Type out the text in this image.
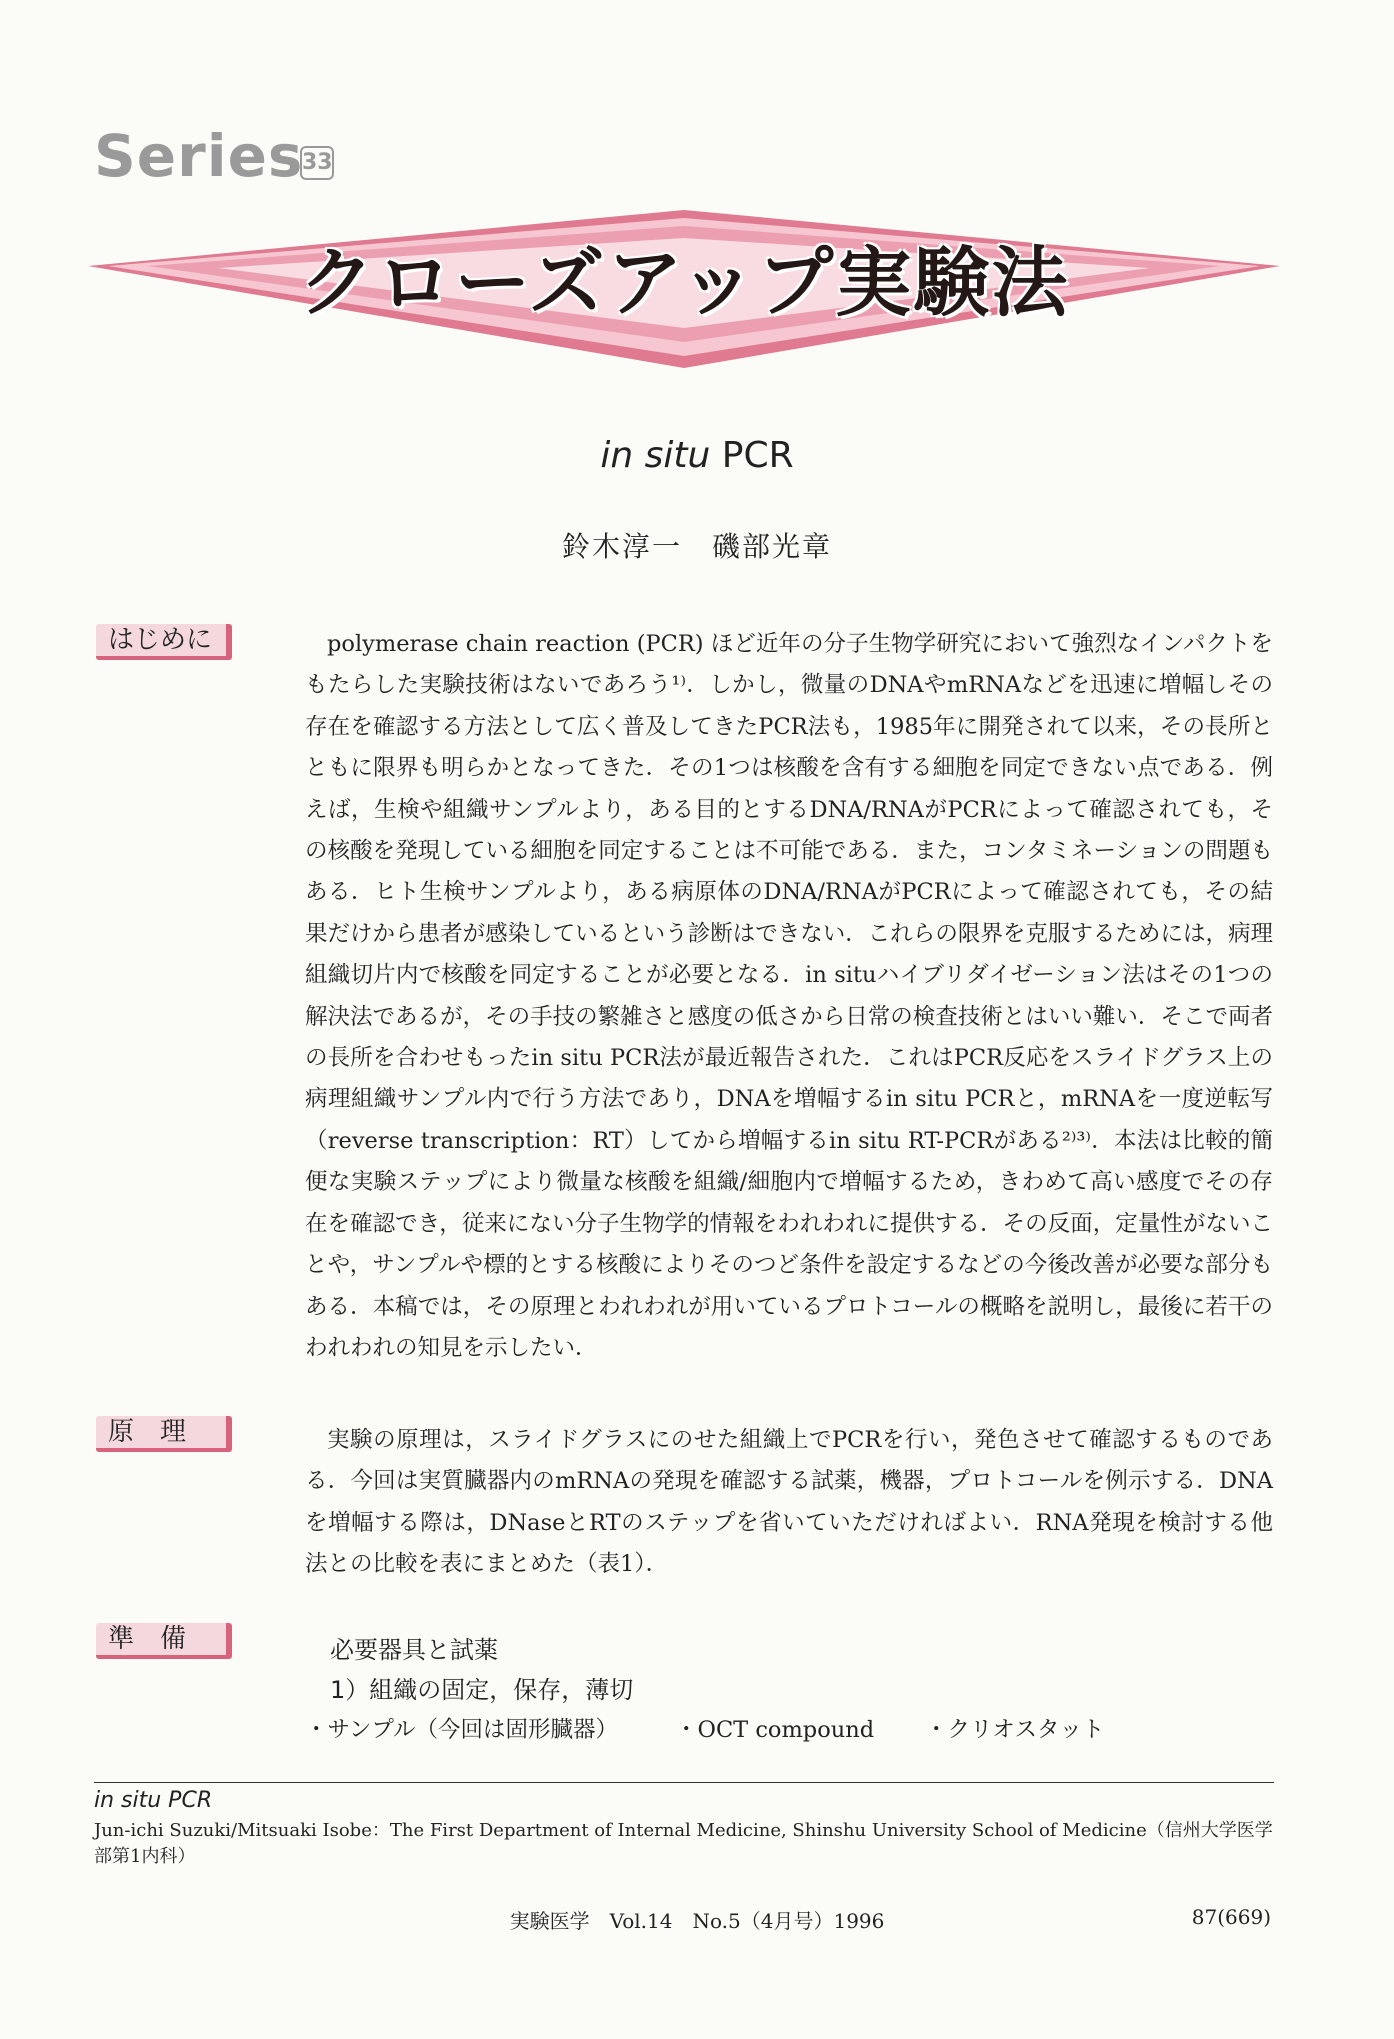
Series
33
クローズアップ実験法
in situ PCR
鈴木淳一　磯部光章
はじめに	polymerase chain reaction (PCR) ほど近年の分子生物学研究において強烈なインパクトをもたらした実験技術はないであろう¹⁾．しかし，微量のDNAやmRNAなどを迅速に増幅しその存在を確認する方法として広く普及してきたPCR法も，1985年に開発されて以来，その長所とともに限界も明らかとなってきた．その1つは核酸を含有する細胞を同定できない点である．例えば，生検や組織サンプルより，ある目的とするDNA/RNAがPCRによって確認されても，その核酸を発現している細胞を同定することは不可能である．また，コンタミネーションの問題もある．ヒト生検サンプルより，ある病原体のDNA/RNAがPCRによって確認されても，その結果だけから患者が感染しているという診断はできない．これらの限界を克服するためには，病理組織切片内で核酸を同定することが必要となる．in situハイブリダイゼーション法はその1つの解決法であるが，その手技の繁雑さと感度の低さから日常の検査技術とはいい難い．そこで両者の長所を合わせもったin situ PCR法が最近報告された．これはPCR反応をスライドグラス上の病理組織サンプル内で行う方法であり，DNAを増幅するin situ PCRと，mRNAを一度逆転写（reverse transcription：RT）してから増幅するin situ RT-PCRがある²⁾³⁾．本法は比較的簡便な実験ステップにより微量な核酸を組織/細胞内で増幅するため，きわめて高い感度でその存在を確認でき，従来にない分子生物学的情報をわれわれに提供する．その反面，定量性がないことや，サンプルや標的とする核酸によりそのつど条件を設定するなどの今後改善が必要な部分もある．本稿では，その原理とわれわれが用いているプロトコールの概略を説明し，最後に若干のわれわれの知見を示したい．

原　理	実験の原理は，スライドグラスにのせた組織上でPCRを行い，発色させて確認するものである．今回は実質臓器内のmRNAの発現を確認する試薬，機器，プロトコールを例示する．DNAを増幅する際は，DNaseとRTのステップを省いていただければよい．RNA発現を検討する他法との比較を表にまとめた（表1）．

準　備	必要器具と試薬
1）組織の固定，保存，薄切
・サンプル（今回は固形臓器）	・OCT compound ・クリオスタット
in situ PCR
Jun-ichi Suzuki/Mitsuaki Isobe：The First Department of Internal Medicine, Shinshu University School of Medicine（信州大学医学部第1内科）
実験医学　Vol.14　No.5（4月号）1996	87(669)
